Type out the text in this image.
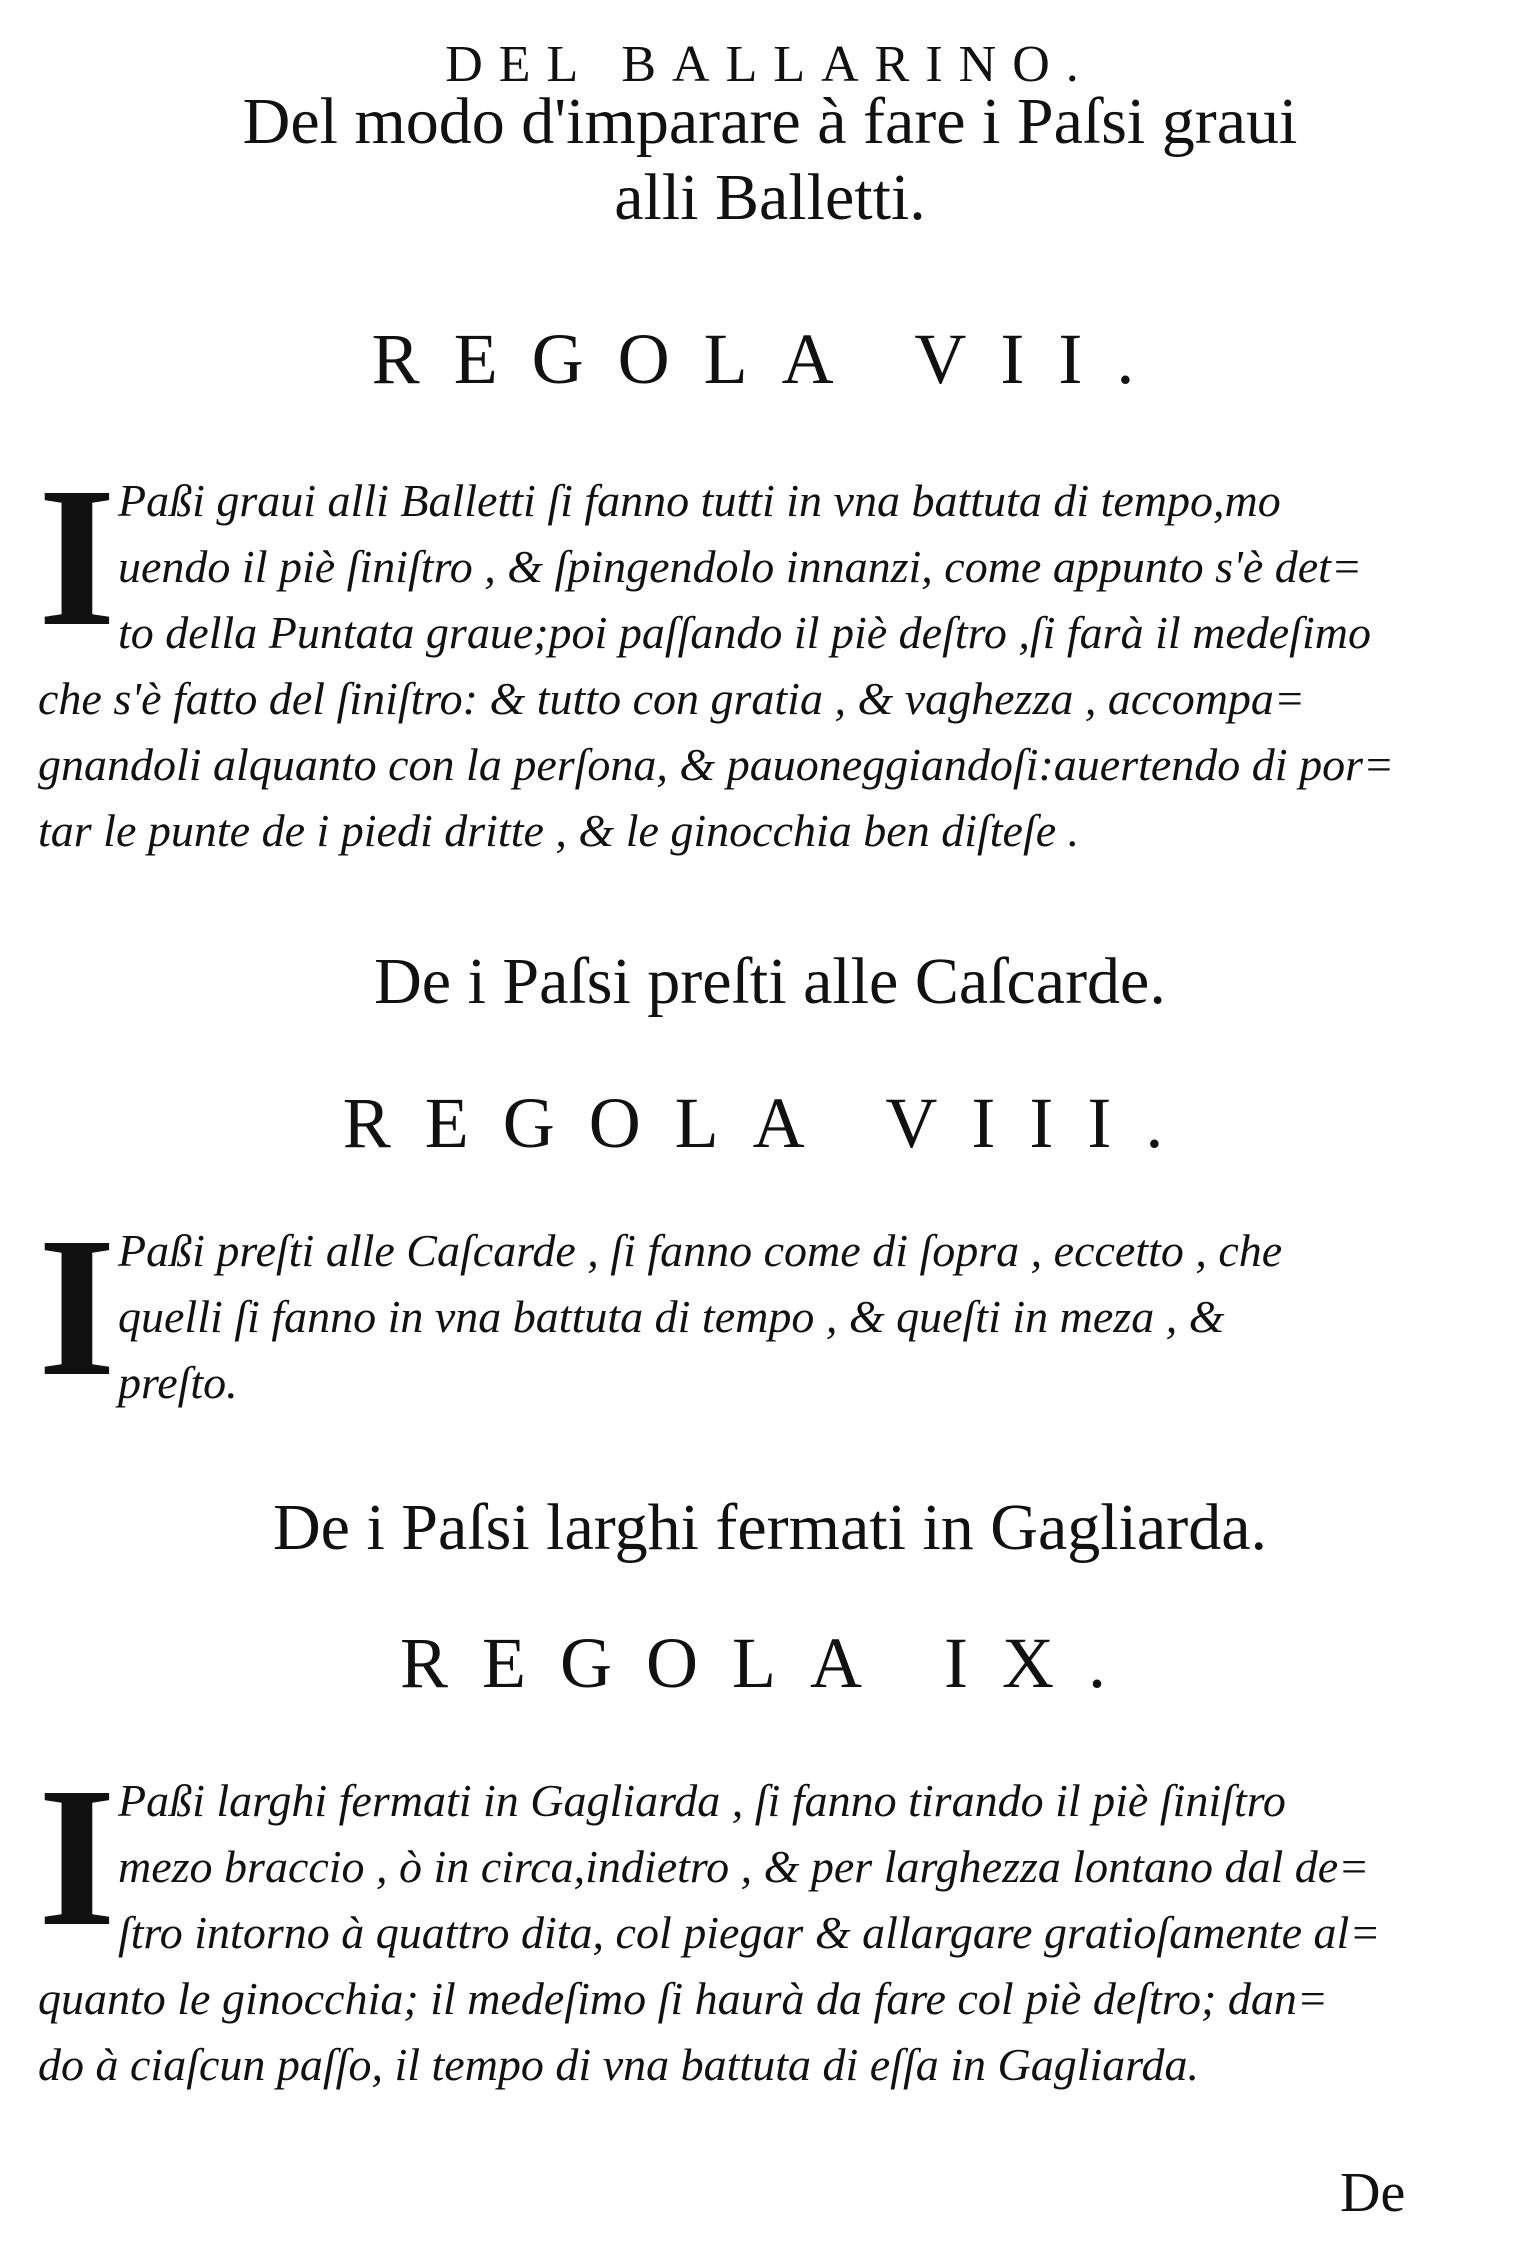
DEL BALLARINO.
Del modo d'imparare à fare i Paſsi graui
alli Balletti.
REGOLA VII.
I Paßi graui alli Balletti ſi fanno tutti in vna battuta di tempo,mo
uendo il piè ſiniſtro , & ſpingendolo innanzi, come appunto s'è det=
to della Puntata graue;poi paſſando il piè deſtro ,ſi farà il medeſimo
che s'è fatto del ſiniſtro: & tutto con gratia , & vaghezza , accompa=
gnandoli alquanto con la perſona, & pauoneggiandoſi:auertendo di por=
tar le punte de i piedi dritte , & le ginocchia ben diſteſe .
De i Paſsi preſti alle Caſcarde.
REGOLA VIII.
I Paßi preſti alle Caſcarde , ſi fanno come di ſopra , eccetto , che
quelli ſi fanno in vna battuta di tempo , & queſti in meza , &
preſto.
De i Paſsi larghi fermati in Gagliarda.
REGOLA IX.
I Paßi larghi fermati in Gagliarda , ſi fanno tirando il piè ſiniſtro
mezo braccio , ò in circa,indietro , & per larghezza lontano dal de=
ſtro intorno à quattro dita, col piegar & allargare gratioſamente al=
quanto le ginocchia; il medeſimo ſi haurà da fare col piè deſtro; dan=
do à ciaſcun paſſo, il tempo di vna battuta di eſſa in Gagliarda.
De
